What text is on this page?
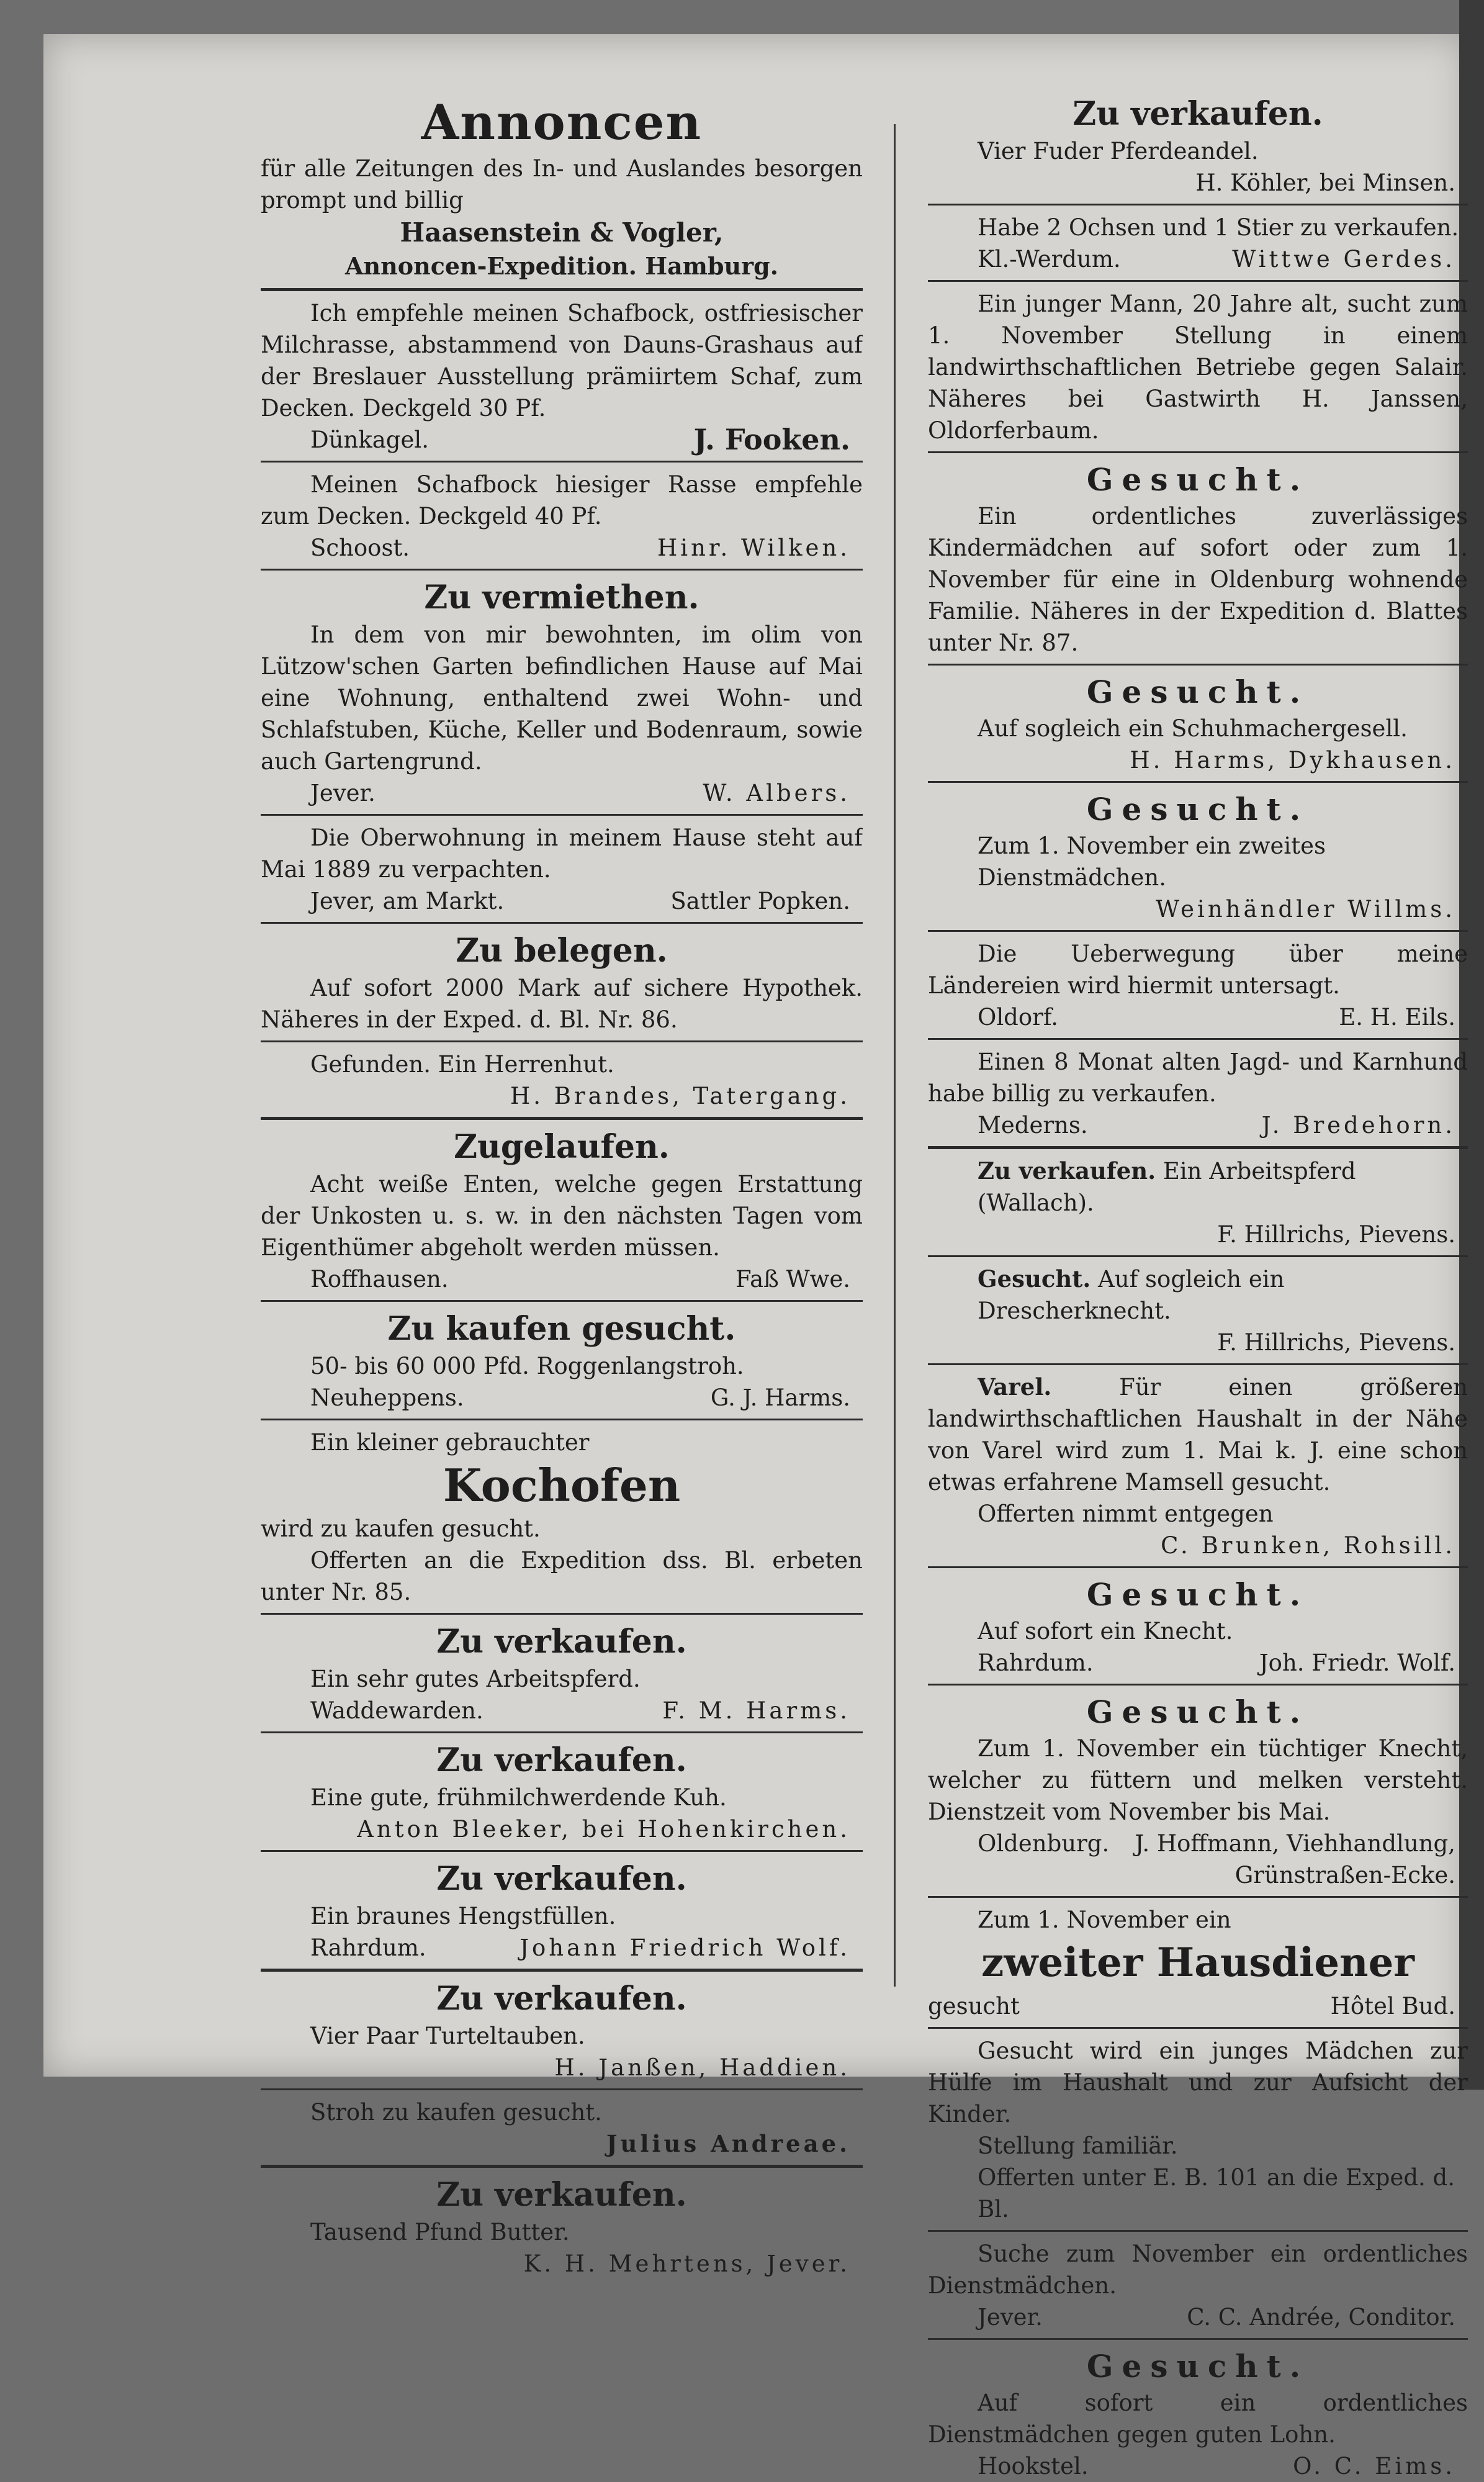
Annoncen
für alle Zeitungen des In- und Auslandes besorgen prompt und billig
Haasenstein & Vogler,
Annoncen-Expedition. Hamburg.
Ich empfehle meinen Schafbock, ostfriesischer Milchrasse, abstammend von Dauns-Grashaus auf der Breslauer Ausstellung prämiirtem Schaf, zum Decken. Deckgeld 30 Pf.
Dünkagel.	J. Fooken.
Meinen Schafbock hiesiger Rasse empfehle zum Decken. Deckgeld 40 Pf.
Schoost.	Hinr. Wilken.
Zu vermiethen.
In dem von mir bewohnten, im olim von Lützow'schen Garten befindlichen Hause auf Mai eine Wohnung, enthaltend zwei Wohn- und Schlafstuben, Küche, Keller und Bodenraum, sowie auch Gartengrund.
Jever.	W. Albers.
Die Oberwohnung in meinem Hause steht auf Mai 1889 zu verpachten.
Jever, am Markt.	Sattler Popken.
Zu belegen.
Auf sofort 2000 Mark auf sichere Hypothek. Näheres in der Exped. d. Bl. Nr. 86.
Gefunden. Ein Herrenhut.
H. Brandes, Tatergang.
Zugelaufen.
Acht weiße Enten, welche gegen Erstattung der Unkosten u. s. w. in den nächsten Tagen vom Eigenthümer abgeholt werden müssen.
Roffhausen.	Faß Wwe.
Zu kaufen gesucht.
50- bis 60 000 Pfd. Roggenlangstroh.
Neuheppens.	G. J. Harms.
Ein kleiner gebrauchter
Kochofen
wird zu kaufen gesucht.
Offerten an die Expedition dss. Bl. erbeten unter Nr. 85.
Zu verkaufen.
Ein sehr gutes Arbeitspferd.
Waddewarden.	F. M. Harms.
Zu verkaufen.
Eine gute, frühmilchwerdende Kuh.
Anton Bleeker, bei Hohenkirchen.
Zu verkaufen.
Ein braunes Hengstfüllen.
Rahrdum.	Johann Friedrich Wolf.
Zu verkaufen.
Vier Paar Turteltauben.
H. Janßen, Haddien.
Stroh zu kaufen gesucht.
Julius Andreae.
Zu verkaufen.
Tausend Pfund Butter.
K. H. Mehrtens, Jever.
Zu verkaufen.
Vier Fuder Pferdeandel.
H. Köhler, bei Minsen.
Habe 2 Ochsen und 1 Stier zu verkaufen.
Kl.-Werdum.	Wittwe Gerdes.
Ein junger Mann, 20 Jahre alt, sucht zum 1. November Stellung in einem landwirthschaftlichen Betriebe gegen Salair. Näheres bei Gastwirth H. Janssen, Oldorferbaum.
Gesucht.
Ein ordentliches zuverlässiges Kindermädchen auf sofort oder zum 1. November für eine in Oldenburg wohnende Familie. Näheres in der Expedition d. Blattes unter Nr. 87.
Gesucht.
Auf sogleich ein Schuhmachergesell.
H. Harms, Dykhausen.
Gesucht.
Zum 1. November ein zweites Dienstmädchen.
Weinhändler Willms.
Die Ueberwegung über meine Ländereien wird hiermit untersagt.
Oldorf.	E. H. Eils.
Einen 8 Monat alten Jagd- und Karnhund habe billig zu verkaufen.
Mederns.	J. Bredehorn.
Zu verkaufen. Ein Arbeitspferd (Wallach).
F. Hillrichs, Pievens.
Gesucht. Auf sogleich ein Drescherknecht.
F. Hillrichs, Pievens.
Varel.	Für einen größeren landwirthschaftlichen Haushalt in der Nähe von Varel wird zum 1. Mai k. J. eine schon etwas erfahrene Mamsell gesucht.
Offerten nimmt entgegen
C. Brunken, Rohsill.
Gesucht.
Auf sofort ein Knecht.
Rahrdum.	Joh. Friedr. Wolf.
Gesucht.
Zum 1. November ein tüchtiger Knecht, welcher zu füttern und melken versteht. Dienstzeit vom November bis Mai.
Oldenburg. J. Hoffmann, Viehhandlung,
Grünstraßen-Ecke.
Zum 1. November ein
zweiter Hausdiener
gesucht	Hôtel Bud.
Gesucht wird ein junges Mädchen zur Hülfe im Haushalt und zur Aufsicht der Kinder.
Stellung familiär.
Offerten unter E. B. 101 an die Exped. d. Bl.
Suche zum November ein ordentliches Dienstmädchen.
Jever.	C. C. Andrée, Conditor.
Gesucht.
Auf sofort ein ordentliches Dienstmädchen gegen guten Lohn.
Hookstel.	O. C. Eims.
